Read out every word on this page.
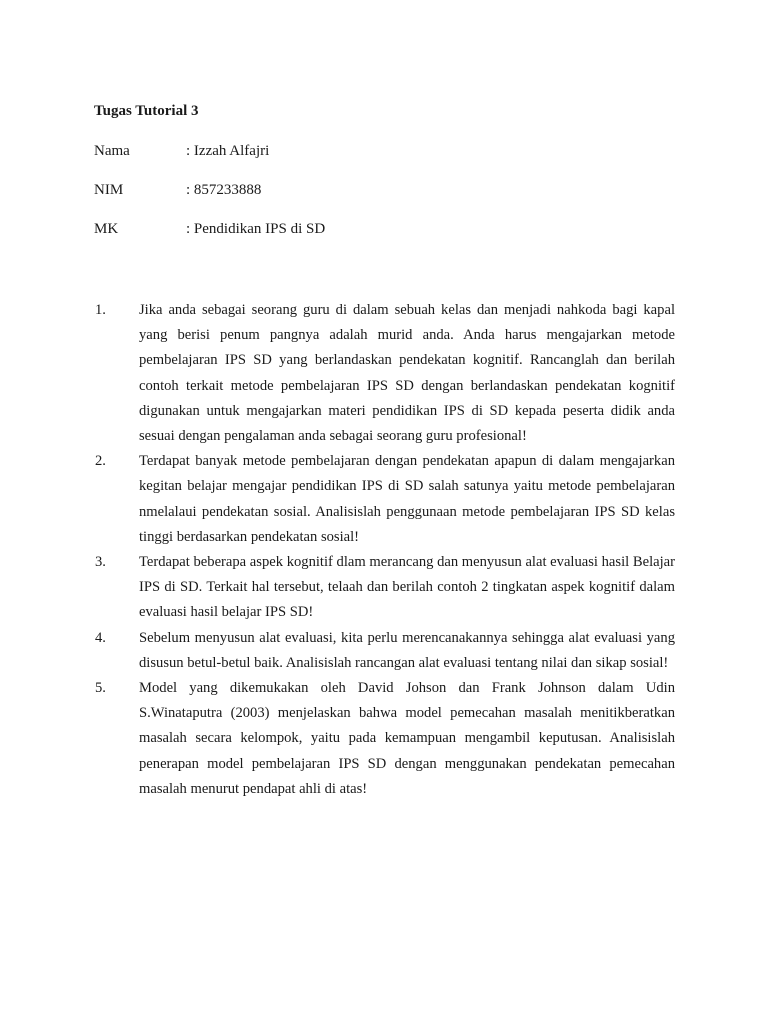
Tugas Tutorial 3
Nama	: Izzah Alfajri
NIM	: 857233888
MK	: Pendidikan IPS di SD
1.	Jika anda sebagai seorang guru di dalam sebuah kelas dan menjadi nahkoda bagi kapal yang berisi penum pangnya adalah murid anda. Anda harus mengajarkan metode pembelajaran IPS SD yang berlandaskan pendekatan kognitif. Rancanglah dan berilah contoh terkait metode pembelajaran IPS SD dengan berlandaskan pendekatan kognitif digunakan untuk mengajarkan materi pendidikan IPS di SD kepada peserta didik anda sesuai dengan pengalaman anda sebagai seorang guru profesional!
2.	Terdapat banyak metode pembelajaran dengan pendekatan apapun di dalam mengajarkan kegitan belajar mengajar pendidikan IPS di SD salah satunya yaitu metode pembelajaran nmelalaui pendekatan sosial. Analisislah penggunaan metode pembelajaran IPS SD kelas tinggi berdasarkan pendekatan sosial!
3.	Terdapat beberapa aspek kognitif dlam merancang dan menyusun alat evaluasi hasil Belajar IPS di SD. Terkait hal tersebut, telaah dan berilah contoh 2 tingkatan aspek kognitif dalam evaluasi hasil belajar IPS SD!
4.	Sebelum menyusun alat evaluasi, kita perlu merencanakannya sehingga alat evaluasi yang disusun betul-betul baik. Analisislah rancangan alat evaluasi tentang nilai dan sikap sosial!
5.	Model yang dikemukakan oleh David Johson dan Frank Johnson dalam Udin S.Winataputra (2003) menjelaskan bahwa model pemecahan masalah menitikberatkan masalah secara kelompok, yaitu pada kemampuan mengambil keputusan. Analisislah penerapan model pembelajaran IPS SD dengan menggunakan pendekatan pemecahan masalah menurut pendapat ahli di atas!
